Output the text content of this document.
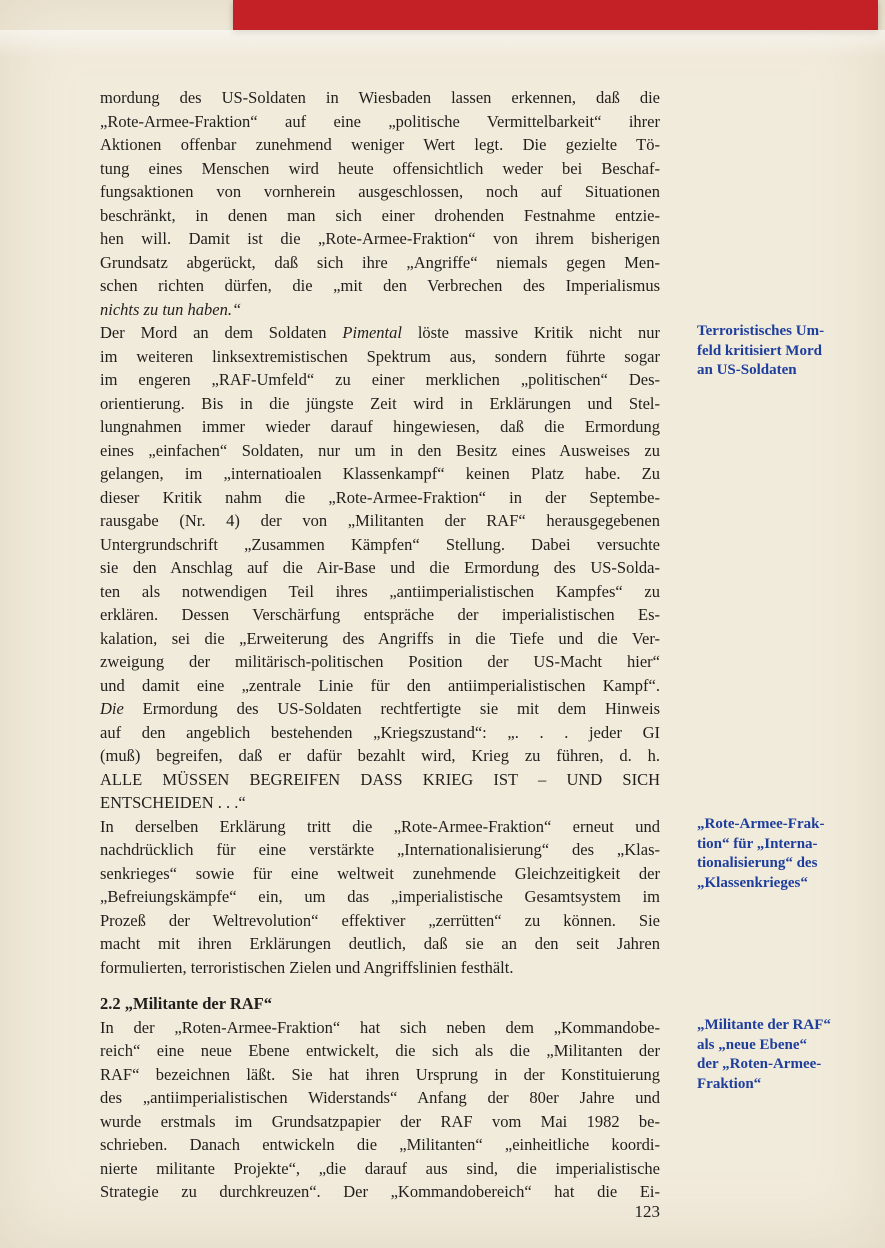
mordung des US-Soldaten in Wiesbaden lassen erkennen, daß die
„Rote-Armee-Fraktion“ auf eine „politische Vermittelbarkeit“ ihrer
Aktionen offenbar zunehmend weniger Wert legt. Die gezielte Tö-
tung eines Menschen wird heute offensichtlich weder bei Beschaf-
fungsaktionen von vornherein ausgeschlossen, noch auf Situationen
beschränkt, in denen man sich einer drohenden Festnahme entzie-
hen will. Damit ist die „Rote-Armee-Fraktion“ von ihrem bisherigen
Grundsatz abgerückt, daß sich ihre „Angriffe“ niemals gegen Men-
schen richten dürfen, die „mit den Verbrechen des Imperialismus
nichts zu tun haben.“
Der Mord an dem Soldaten Pimental löste massive Kritik nicht nur
im weiteren linksextremistischen Spektrum aus, sondern führte sogar
im engeren „RAF-Umfeld“ zu einer merklichen „politischen“ Des-
orientierung. Bis in die jüngste Zeit wird in Erklärungen und Stel-
lungnahmen immer wieder darauf hingewiesen, daß die Ermordung
eines „einfachen“ Soldaten, nur um in den Besitz eines Ausweises zu
gelangen, im „internatioalen Klassenkampf“ keinen Platz habe. Zu
dieser Kritik nahm die „Rote-Armee-Fraktion“ in der Septembe-
rausgabe (Nr. 4) der von „Militanten der RAF“ herausgegebenen
Untergrundschrift „Zusammen Kämpfen“ Stellung. Dabei versuchte
sie den Anschlag auf die Air-Base und die Ermordung des US-Solda-
ten als notwendigen Teil ihres „antiimperialistischen Kampfes“ zu
erklären. Dessen Verschärfung entspräche der imperialistischen Es-
kalation, sei die „Erweiterung des Angriffs in die Tiefe und die Ver-
zweigung der militärisch-politischen Position der US-Macht hier“
und damit eine „zentrale Linie für den antiimperialistischen Kampf“.
Die Ermordung des US-Soldaten rechtfertigte sie mit dem Hinweis
auf den angeblich bestehenden „Kriegszustand“: „. . . jeder GI
(muß) begreifen, daß er dafür bezahlt wird, Krieg zu führen, d. h.
ALLE MÜSSEN BEGREIFEN DASS KRIEG IST – UND SICH
ENTSCHEIDEN . . .“
In derselben Erklärung tritt die „Rote-Armee-Fraktion“ erneut und
nachdrücklich für eine verstärkte „Internationalisierung“ des „Klas-
senkrieges“ sowie für eine weltweit zunehmende Gleichzeitigkeit der
„Befreiungskämpfe“ ein, um das „imperialistische Gesamtsystem im
Prozeß der Weltrevolution“ effektiver „zerrütten“ zu können. Sie
macht mit ihren Erklärungen deutlich, daß sie an den seit Jahren
formulierten, terroristischen Zielen und Angriffslinien festhält.
2.2 „Militante der RAF“
In der „Roten-Armee-Fraktion“ hat sich neben dem „Kommandobe-
reich“ eine neue Ebene entwickelt, die sich als die „Militanten der
RAF“ bezeichnen läßt. Sie hat ihren Ursprung in der Konstituierung
des „antiimperialistischen Widerstands“ Anfang der 80er Jahre und
wurde erstmals im Grundsatzpapier der RAF vom Mai 1982 be-
schrieben. Danach entwickeln die „Militanten“ „einheitliche koordi-
nierte militante Projekte“, „die darauf aus sind, die imperialistische
Strategie zu durchkreuzen“. Der „Kommandobereich“ hat die Ei-
Terroristisches Um-
feld kritisiert Mord
an US-Soldaten
„Rote-Armee-Frak-
tion“ für „Interna-
tionalisierung“ des
„Klassenkrieges“
„Militante der RAF“
als „neue Ebene“
der „Roten-Armee-
Fraktion“
123
